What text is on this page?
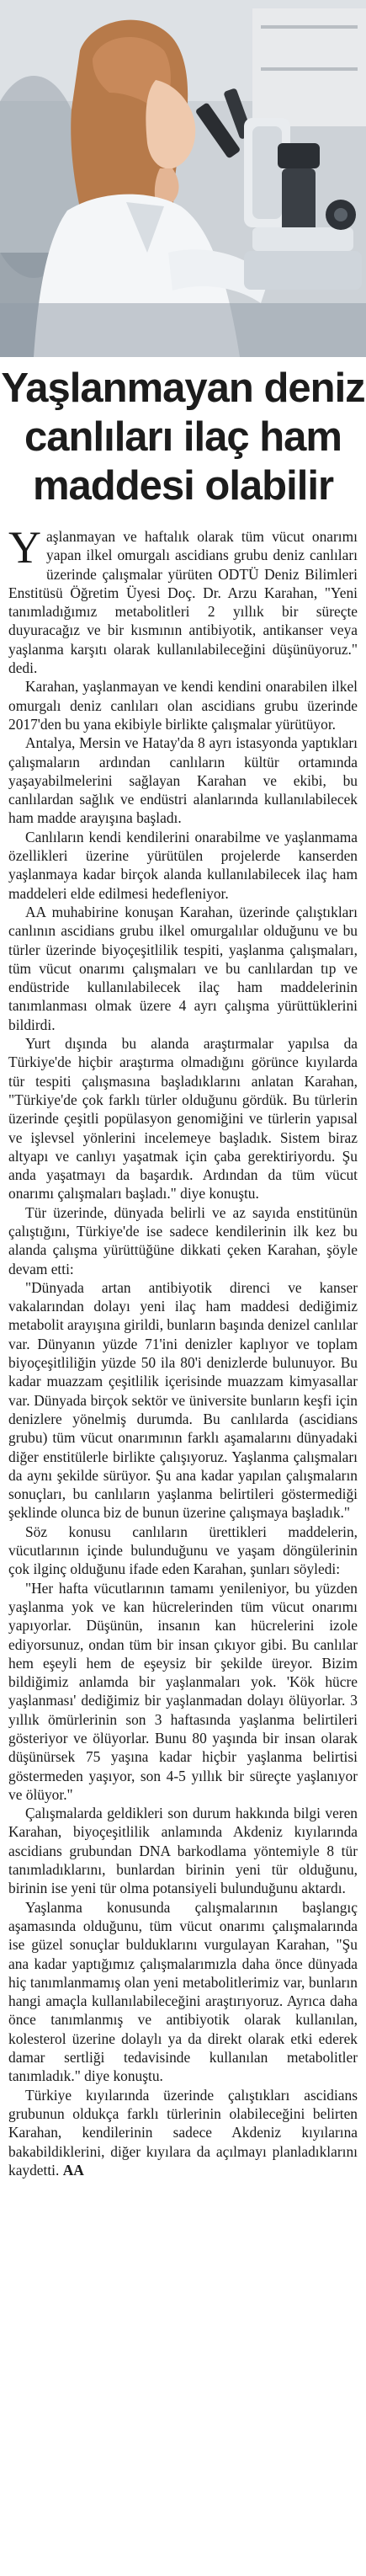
Yaşlanmayan deniz
canlıları ilaç ham
maddesi olabilir

Yaşlanmayan ve haftalık olarak tüm vücut onarımı yapan ilkel omurgalı ascidians grubu deniz canlıları üzerinde çalışmalar yürüten ODTÜ Deniz Bilimleri Enstitüsü Öğretim Üyesi Doç. Dr. Arzu Karahan, "Yeni tanımladığımız metabolitleri 2 yıllık bir süreçte duyuracağız ve bir kısmının antibiyotik, antikanser veya yaşlanma karşıtı olarak kullanılabileceğini düşünüyoruz." dedi.

Karahan, yaşlanmayan ve kendi kendini onarabilen ilkel omurgalı deniz canlıları olan ascidians grubu üzerinde 2017'den bu yana ekibiyle birlikte çalışmalar yürütüyor.

Antalya, Mersin ve Hatay'da 8 ayrı istasyonda yaptıkları çalışmaların ardından canlıların kültür ortamında yaşayabilmelerini sağlayan Karahan ve ekibi, bu canlılardan sağlık ve endüstri alanlarında kullanılabilecek ham madde arayışına başladı.

Canlıların kendi kendilerini onarabilme ve yaşlanmama özellikleri üzerine yürütülen projelerde kanserden yaşlanmaya kadar birçok alanda kullanılabilecek ilaç ham maddeleri elde edilmesi hedefleniyor.

AA muhabirine konuşan Karahan, üzerinde çalıştıkları canlının ascidians grubu ilkel omurgalılar olduğunu ve bu türler üzerinde biyoçeşitlilik tespiti, yaşlanma çalışmaları, tüm vücut onarımı çalışmaları ve bu canlılardan tıp ve endüstride kullanılabilecek ilaç ham maddelerinin tanımlanması olmak üzere 4 ayrı çalışma yürüttüklerini bildirdi.

Yurt dışında bu alanda araştırmalar yapılsa da Türkiye'de hiçbir araştırma olmadığını görünce kıyılarda tür tespiti çalışmasına başladıklarını anlatan Karahan, "Türkiye'de çok farklı türler olduğunu gördük. Bu türlerin üzerinde çeşitli popülasyon genomiğini ve türlerin yapısal ve işlevsel yönlerini incelemeye başladık. Sistem biraz altyapı ve canlıyı yaşatmak için çaba gerektiriyordu. Şu anda yaşatmayı da başardık. Ardından da tüm vücut onarımı çalışmaları başladı." diye konuştu.

Tür üzerinde, dünyada belirli ve az sayıda enstitünün çalıştığını, Türkiye'de ise sadece kendilerinin ilk kez bu alanda çalışma yürüttüğüne dikkati çeken Karahan, şöyle devam etti:

"Dünyada artan antibiyotik direnci ve kanser vakalarından dolayı yeni ilaç ham maddesi dediğimiz metabolit arayışına girildi, bunların başında denizel canlılar var. Dünyanın yüzde 71'ini denizler kaplıyor ve toplam biyoçeşitliliğin yüzde 50 ila 80'i denizlerde bulunuyor. Bu kadar muazzam çeşitlilik içerisinde muazzam kimyasallar var. Dünyada birçok sektör ve üniversite bunların keşfi için denizlere yönelmiş durumda. Bu canlılarda (ascidians grubu) tüm vücut onarımının farklı aşamalarını dünyadaki diğer enstitülerle birlikte çalışıyoruz. Yaşlanma çalışmaları da aynı şekilde sürüyor. Şu ana kadar yapılan çalışmaların sonuçları, bu canlıların yaşlanma belirtileri göstermediği şeklinde olunca biz de bunun üzerine çalışmaya başladık."

Söz konusu canlıların ürettikleri maddelerin, vücutlarının içinde bulunduğunu ve yaşam döngülerinin çok ilginç olduğunu ifade eden Karahan, şunları söyledi:

"Her hafta vücutlarının tamamı yenileniyor, bu yüzden yaşlanma yok ve kan hücrelerinden tüm vücut onarımı yapıyorlar. Düşünün, insanın kan hücrelerini izole ediyorsunuz, ondan tüm bir insan çıkıyor gibi. Bu canlılar hem eşeyli hem de eşeysiz bir şekilde üreyor. Bizim bildiğimiz anlamda bir yaşlanmaları yok. 'Kök hücre yaşlanması' dediğimiz bir yaşlanmadan dolayı ölüyorlar. 3 yıllık ömürlerinin son 3 haftasında yaşlanma belirtileri gösteriyor ve ölüyorlar. Bunu 80 yaşında bir insan olarak düşünürsek 75 yaşına kadar hiçbir yaşlanma belirtisi göstermeden yaşıyor, son 4-5 yıllık bir süreçte yaşlanıyor ve ölüyor."

Çalışmalarda geldikleri son durum hakkında bilgi veren Karahan, biyoçeşitlilik anlamında Akdeniz kıyılarında ascidians grubundan DNA barkodlama yöntemiyle 8 tür tanımladıklarını, bunlardan birinin yeni tür olduğunu, birinin ise yeni tür olma potansiyeli bulunduğunu aktardı.

Yaşlanma konusunda çalışmalarının başlangıç aşamasında olduğunu, tüm vücut onarımı çalışmalarında ise güzel sonuçlar bulduklarını vurgulayan Karahan, "Şu ana kadar yaptığımız çalışmalarımızla daha önce dünyada hiç tanımlanmamış olan yeni metabolitlerimiz var, bunların hangi amaçla kullanılabileceğini araştırıyoruz. Ayrıca daha önce tanımlanmış ve antibiyotik olarak kullanılan, kolesterol üzerine dolaylı ya da direkt olarak etki ederek damar sertliği tedavisinde kullanılan metabolitler tanımladık." diye konuştu.

Türkiye kıyılarında üzerinde çalıştıkları ascidians grubunun oldukça farklı türlerinin olabileceğini belirten Karahan, kendilerinin sadece Akdeniz kıyılarına bakabildiklerini, diğer kıyılara da açılmayı planladıklarını kaydetti. AA
